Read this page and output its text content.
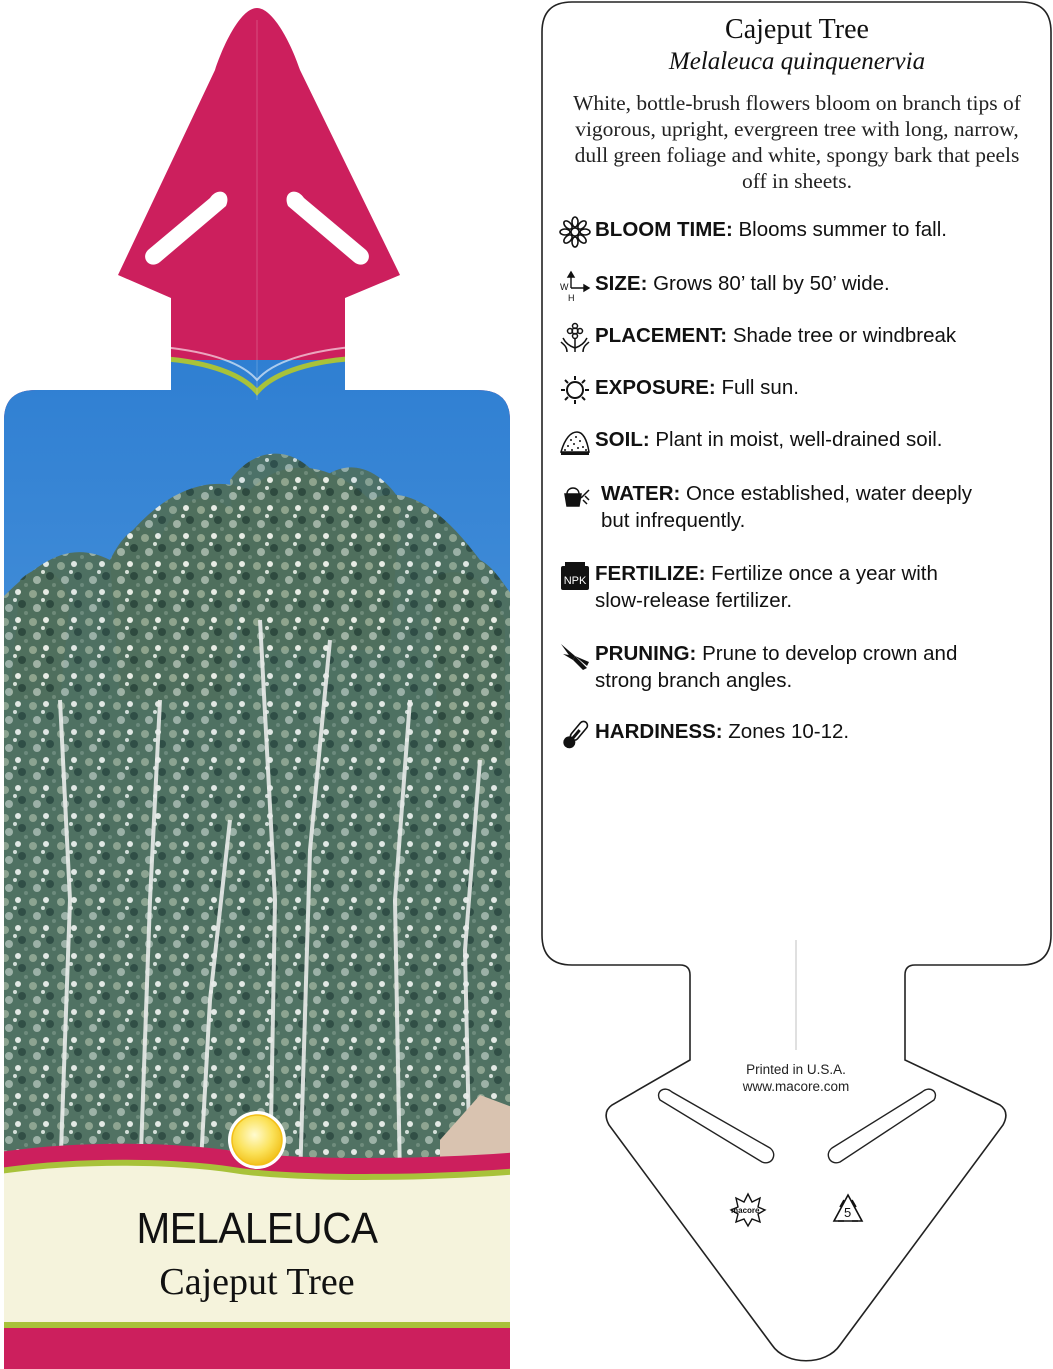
MELALEUCA
Cajeput Tree
Cajeput Tree
Melaleuca quinquenervia
White, bottle-brush flowers bloom on branch tips of vigorous, upright, evergreen tree with long, narrow, dull green foliage and white, spongy bark that peels off in sheets.
BLOOM TIME: Blooms summer to fall.
W
H
SIZE: Grows 80’ tall by 50’ wide.
PLACEMENT: Shade tree or windbreak
EXPOSURE: Full sun.
SOIL: Plant in moist, well-drained soil.
WATER: Once established, water deeply
but infrequently.
NPK FERTILIZE: Fertilize once a year with
slow-release fertilizer.
PRUNING: Prune to develop crown and
strong branch angles.
HARDINESS: Zones 10-12.
Printed in U.S.A.
www.macore.com
macore	5
